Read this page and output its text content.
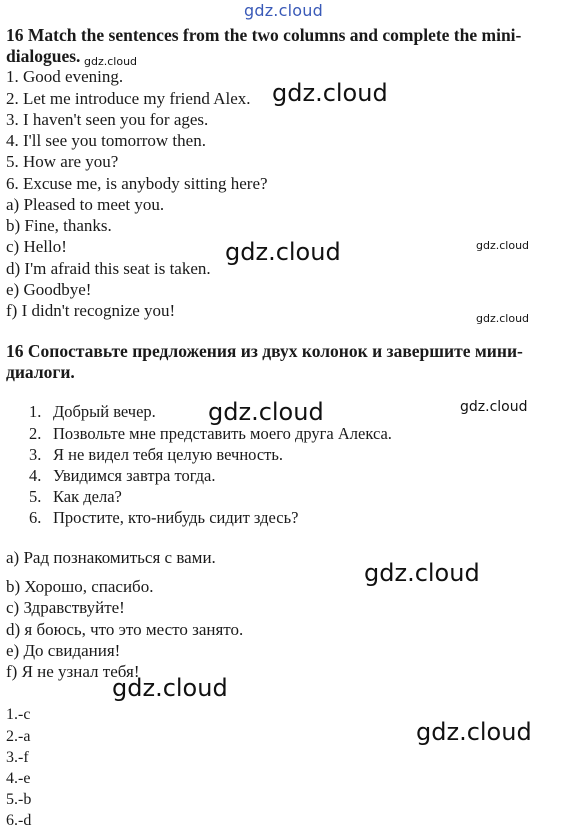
gdz.cloud
gdz.cloud
gdz.cloud
gdz.cloud	gdz.cloud
gdz.cloud
gdz.cloud	gdz.cloud
gdz.cloud
gdz.cloud
gdz.cloud

16 Match the sentences from the two columns and complete the mini-dialogues.

1. Good evening.
2. Let me introduce my friend Alex.
3. I haven't seen you for ages.
4. I'll see you tomorrow then.
5. How are you?
6. Excuse me, is anybody sitting here?
a) Pleased to meet you.
b) Fine, thanks.
c) Hello!
d) I'm afraid this seat is taken.
e) Goodbye!
f) I didn't recognize you!

16 Сопоставьте предложения из двух колонок и завершите мини-диалоги.

1. Добрый вечер.
2. Позвольте мне представить моего друга Алекса.
3. Я не видел тебя целую вечность.
4. Увидимся завтра тогда.
5. Как дела?
6. Простите, кто-нибудь сидит здесь?
a) Рад познакомиться с вами.
b) Хорошо, спасибо.
c) Здравствуйте!
d) я боюсь, что это место занято.
e) До свидания!
f) Я не узнал тебя!
1.-c
2.-a
3.-f
4.-e
5.-b
6.-d
